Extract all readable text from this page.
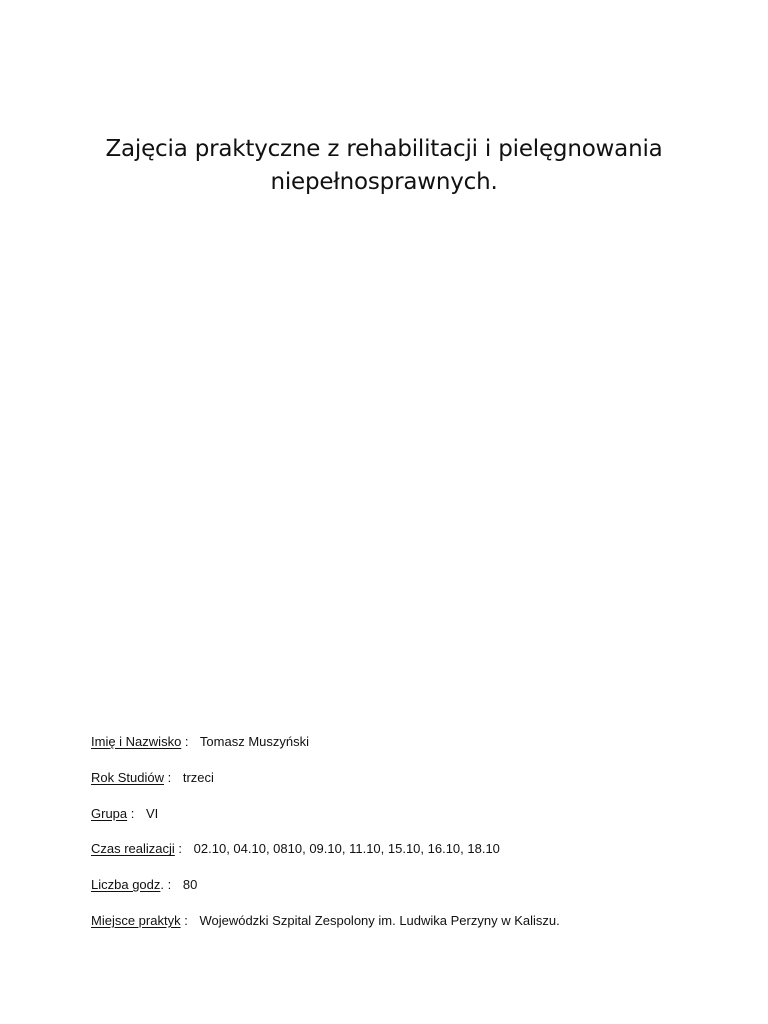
Zajęcia praktyczne z rehabilitacji i pielęgnowania
niepełnosprawnych.
Imię i Nazwisko : Tomasz Muszyński
Rok Studiów : trzeci
Grupa : VI
Czas realizacji : 02.10, 04.10, 0810, 09.10, 11.10, 15.10, 16.10, 18.10
Liczba godz. : 80
Miejsce praktyk : Wojewódzki Szpital Zespolony im. Ludwika Perzyny w Kaliszu.
